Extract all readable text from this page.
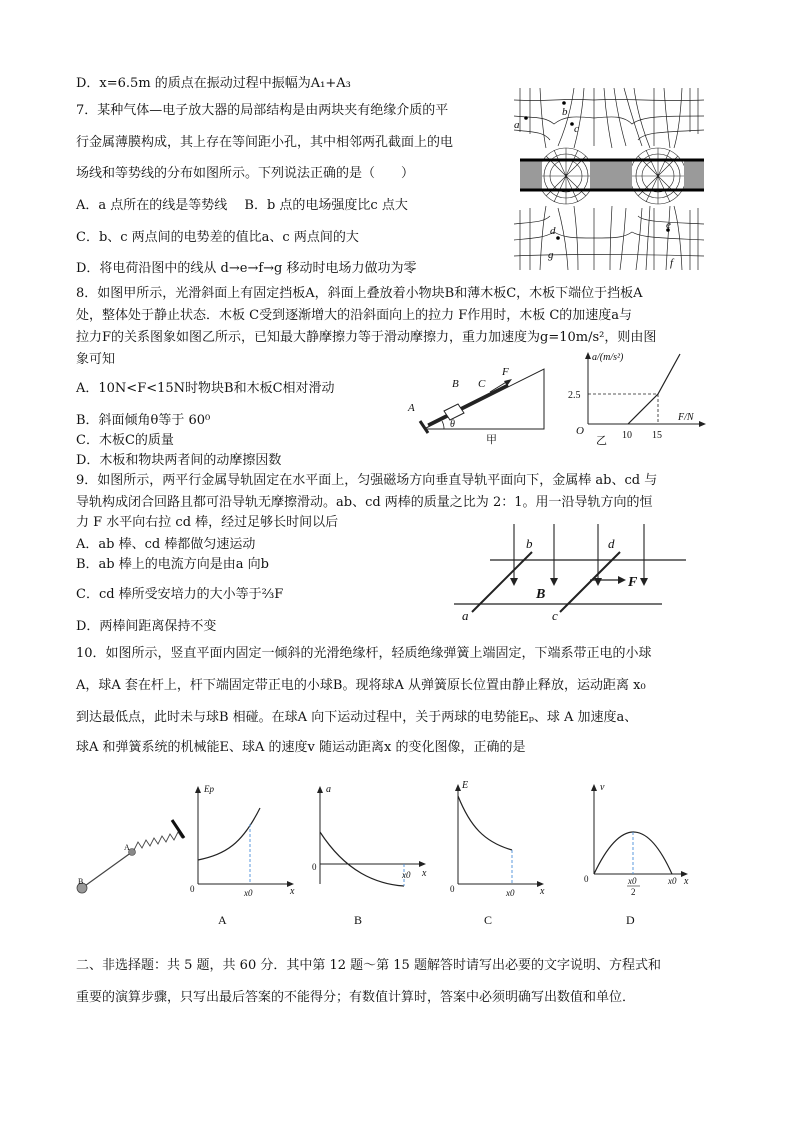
D．x=6.5m 的质点在振动过程中振幅为A₁+A₃
7．某种气体—电子放大器的局部结构是由两块夹有绝缘介质的平
行金属薄膜构成，其上存在等间距小孔，其中相邻两孔截面上的电
场线和等势线的分布如图所示。下列说法正确的是（　　）
A．a 点所在的线是等势线　 B．b 点的电场强度比c 点大
C．b、c 两点间的电势差的值比a、c 两点间的大
D．将电荷沿图中的线从 d→e→f→g 移动时电场力做功为零
a
b
c
d	e
f
g
8．如图甲所示，光滑斜面上有固定挡板A，斜面上叠放着小物块B和薄木板C，木板下端位于挡板A
处，整体处于静止状态．木板 C受到逐渐增大的沿斜面向上的拉力 F作用时，木板 C的加速度a与
拉力F的关系图象如图乙所示，已知最大静摩擦力等于滑动摩擦力，重力加速度为g=10m/s²，则由图
象可知
A．10N<F<15N时物块B和木板C相对滑动
B．斜面倾角θ等于 60⁰
C．木板C的质量
D．木板和物块两者间的动摩擦因数
A
B C
F
θ
甲
a/(m/s²)
F/N
O
2.5
10 15
乙
9．如图所示，两平行金属导轨固定在水平面上，匀强磁场方向垂直导轨平面向下，金属棒 ab、cd 与
导轨构成闭合回路且都可沿导轨无摩擦滑动。ab、cd 两棒的质量之比为 2：1。用一沿导轨方向的恒
力 F 水平向右拉 cd 棒，经过足够长时间以后
A．ab 棒、cd 棒都做匀速运动
B．ab 棒上的电流方向是由a 向b
C．cd 棒所受安培力的大小等于⅔F
D．两棒间距离保持不变
b	d
a	c
B
F
10．如图所示，竖直平面内固定一倾斜的光滑绝缘杆，轻质绝缘弹簧上端固定，下端系带正电的小球
A，球A 套在杆上，杆下端固定带正电的小球B。现将球A 从弹簧原长位置由静止释放，运动距离 x₀
到达最低点，此时未与球B 相碰。在球A 向下运动过程中，关于两球的电势能Eₚ、球 A 加速度a、
球A 和弹簧系统的机械能E、球A 的速度v 随运动距离x 的变化图像，正确的是
B
A
Ep
x
0	x0
A
a
x
0
x0
B
E
x
0	x0
C
v
x
0	x0
2
x0
D
二、非选择题：共 5 题，共 60 分．其中第 12 题～第 15 题解答时请写出必要的文字说明、方程式和
重要的演算步骤，只写出最后答案的不能得分；有数值计算时，答案中必须明确写出数值和单位．
